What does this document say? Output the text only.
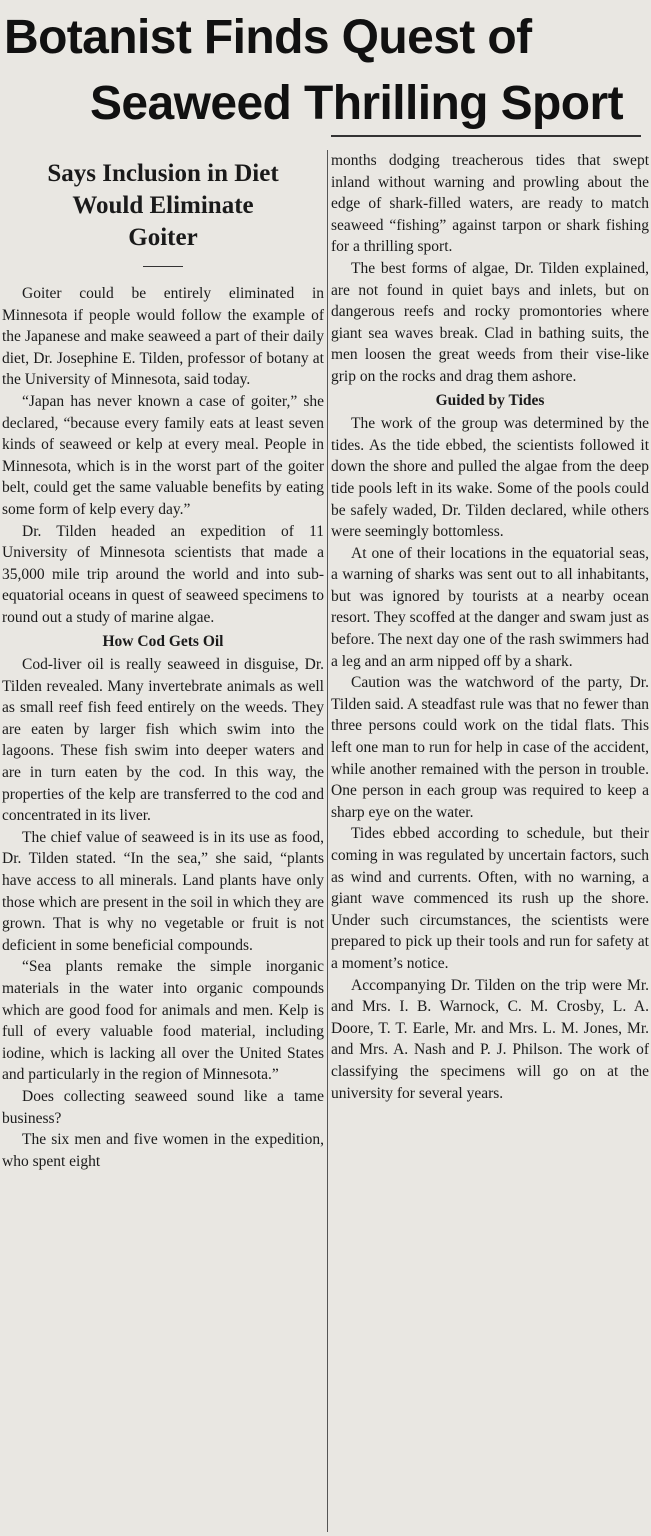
Botanist Finds Quest of
Seaweed Thrilling Sport
Says Inclusion in Diet
Would Eliminate
Goiter

Goiter could be entirely eliminated in Minnesota if people would follow the example of the Japanese and make seaweed a part of their daily diet, Dr. Josephine E. Tilden, professor of botany at the University of Minnesota, said today.

“Japan has never known a case of goiter,” she declared, “because every family eats at least seven kinds of seaweed or kelp at every meal. People in Minnesota, which is in the worst part of the goiter belt, could get the same valuable benefits by eating some form of kelp every day.”

Dr. Tilden headed an expedition of 11 University of Minnesota scientists that made a 35,000 mile trip around the world and into sub-equatorial oceans in quest of seaweed specimens to round out a study of marine algae.

How Cod Gets Oil

Cod-liver oil is really seaweed in disguise, Dr. Tilden revealed. Many invertebrate animals as well as small reef fish feed entirely on the weeds. They are eaten by larger fish which swim into the lagoons. These fish swim into deeper waters and are in turn eaten by the cod. In this way, the properties of the kelp are transferred to the cod and concentrated in its liver.

The chief value of seaweed is in its use as food, Dr. Tilden stated. “In the sea,” she said, “plants have access to all minerals. Land plants have only those which are present in the soil in which they are grown. That is why no vegetable or fruit is not deficient in some beneficial compounds.

“Sea plants remake the simple inorganic materials in the water into organic compounds which are good food for animals and men. Kelp is full of every valuable food material, including iodine, which is lacking all over the United States and particularly in the region of Minnesota.”

Does collecting seaweed sound like a tame business?

The six men and five women in the expedition, who spent eight

months dodging treacherous tides that swept inland without warning and prowling about the edge of shark-filled waters, are ready to match seaweed “fishing” against tarpon or shark fishing for a thrilling sport.

The best forms of algae, Dr. Tilden explained, are not found in quiet bays and inlets, but on dangerous reefs and rocky promontories where giant sea waves break. Clad in bathing suits, the men loosen the great weeds from their vise-like grip on the rocks and drag them ashore.

Guided by Tides

The work of the group was determined by the tides. As the tide ebbed, the scientists followed it down the shore and pulled the algae from the deep tide pools left in its wake. Some of the pools could be safely waded, Dr. Tilden declared, while others were seemingly bottomless.

At one of their locations in the equatorial seas, a warning of sharks was sent out to all inhabitants, but was ignored by tourists at a nearby ocean resort. They scoffed at the danger and swam just as before. The next day one of the rash swimmers had a leg and an arm nipped off by a shark.

Caution was the watchword of the party, Dr. Tilden said. A steadfast rule was that no fewer than three persons could work on the tidal flats. This left one man to run for help in case of the accident, while another remained with the person in trouble. One person in each group was required to keep a sharp eye on the water.

Tides ebbed according to schedule, but their coming in was regulated by uncertain factors, such as wind and currents. Often, with no warning, a giant wave commenced its rush up the shore. Under such circumstances, the scientists were prepared to pick up their tools and run for safety at a moment’s notice.

Accompanying Dr. Tilden on the trip were Mr. and Mrs. I. B. Warnock, C. M. Crosby, L. A. Doore, T. T. Earle, Mr. and Mrs. L. M. Jones, Mr. and Mrs. A. Nash and P. J. Philson. The work of classifying the specimens will go on at the university for several years.
